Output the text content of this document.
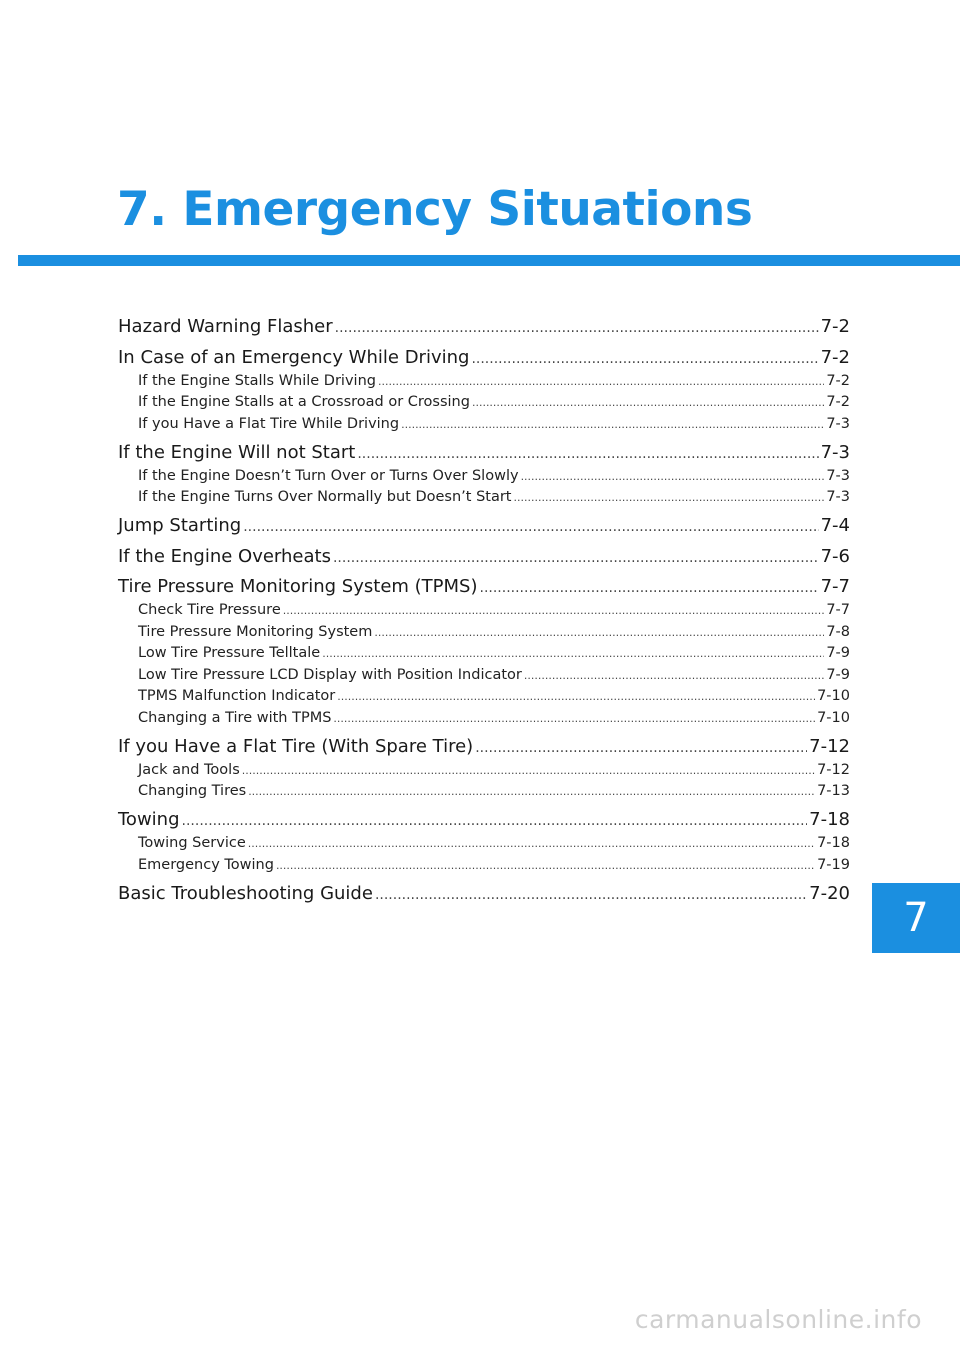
7. Emergency Situations
Hazard Warning Flasher .....	7-2
In Case of an Emergency While Driving .....	7-2
If the Engine Stalls While Driving .....	7-2
If the Engine Stalls at a Crossroad or Crossing .....	7-2
If you Have a Flat Tire While Driving .....	7-3
If the Engine Will not Start .....	7-3
If the Engine Doesn’t Turn Over or Turns Over Slowly .....	7-3
If the Engine Turns Over Normally but Doesn’t Start .....	7-3
Jump Starting .....	7-4
If the Engine Overheats .....	7-6
Tire Pressure Monitoring System (TPMS) .....	7-7
Check Tire Pressure .....	7-7
Tire Pressure Monitoring System .....	7-8
Low Tire Pressure Telltale .....	7-9
Low Tire Pressure LCD Display with Position Indicator .....	7-9
TPMS Malfunction Indicator .....	7-10
Changing a Tire with TPMS .....	7-10
If you Have a Flat Tire (With Spare Tire) .....	7-12
Jack and Tools .....	7-12
Changing Tires .....	7-13
Towing .....	7-18
Towing Service .....	7-18
Emergency Towing .....	7-19
Basic Troubleshooting Guide .....	7-20
7
carmanualsonline.info
